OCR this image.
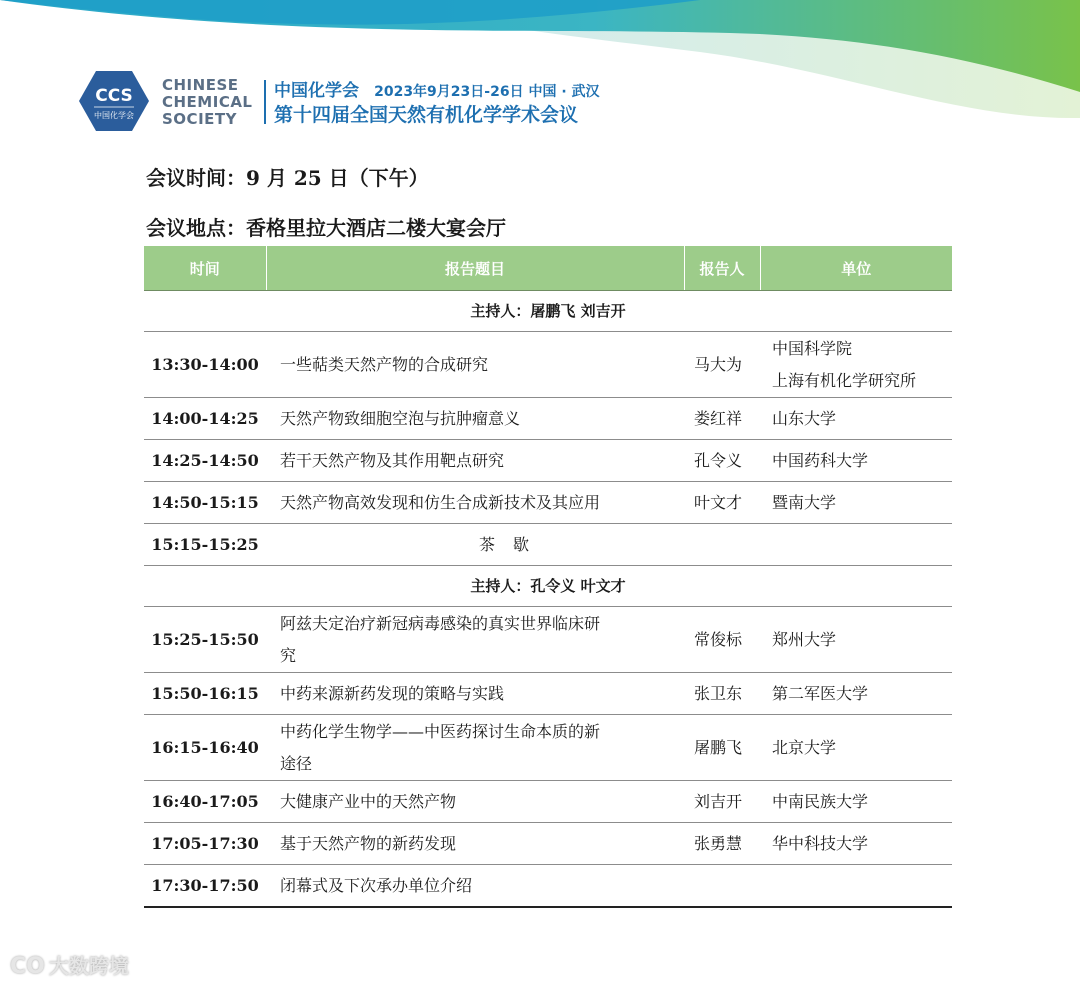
CCS
中国化学会
CHINESE
CHEMICAL
SOCIETY
中国化学会 2023年9月23日-26日 中国 · 武汉
第十四届全国天然有机化学学术会议
会议时间：9 月 25 日（下午）
会议地点：香格里拉大酒店二楼大宴会厅
时间	报告题目	报告人	单位
主持人：屠鹏飞 刘吉开			
13:30-14:00	一些萜类天然产物的合成研究	马大为	中国科学院
上海有机化学研究所

14:00-14:25	天然产物致细胞空泡与抗肿瘤意义	娄红祥	山东大学
14:25-14:50	若干天然产物及其作用靶点研究	孔令义	中国药科大学
14:50-15:15	天然产物高效发现和仿生合成新技术及其应用	叶文才	暨南大学
15:15-15:25	茶歇		
主持人：孔令义 叶文才			
15:25-15:50	阿兹夫定治疗新冠病毒感染的真实世界临床研
究	常俊标	郑州大学
15:50-16:15	中药来源新药发现的策略与实践	张卫东	第二军医大学
16:15-16:40	中药化学生物学——中医药探讨生命本质的新
途径	屠鹏飞	北京大学
16:40-17:05	大健康产业中的天然产物	刘吉开	中南民族大学
17:05-17:30	基于天然产物的新药发现	张勇慧	华中科技大学
17:30-17:50	闭幕式及下次承办单位介绍		
CO 大数跨境
